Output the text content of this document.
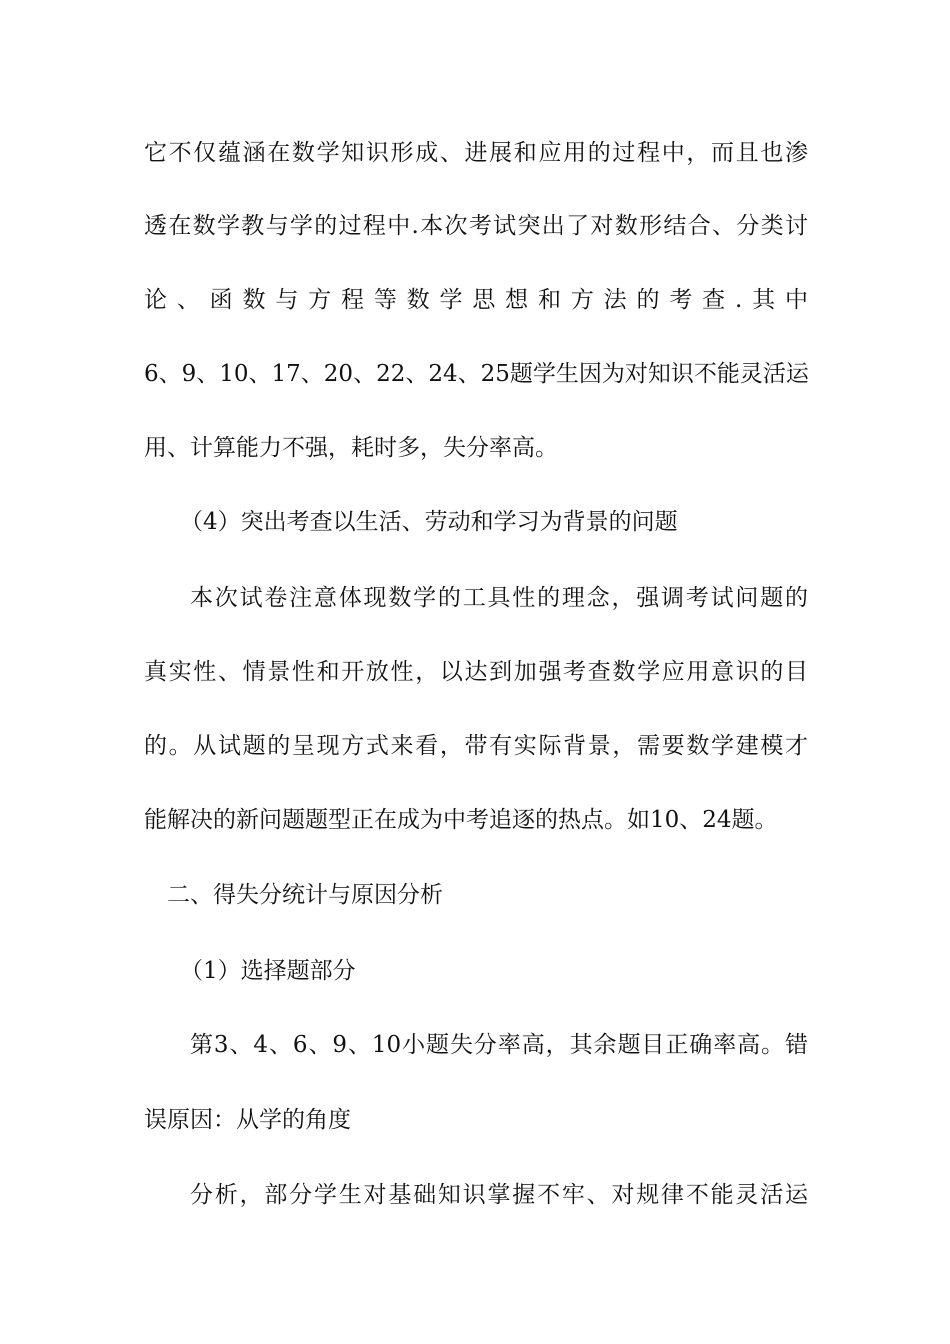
它不仅蕴涵在数学知识形成、进展和应用的过程中，而且也渗
透在数学教与学的过程中.本次考试突出了对数形结合、分类讨
论、函数与方程等数学思想和方法的考查.其中
6、9、10、17、20、22、24、25题学生因为对知识不能灵活运
用、计算能力不强，耗时多，失分率高。
（4）突出考查以生活、劳动和学习为背景的问题
本次试卷注意体现数学的工具性的理念，强调考试问题的
真实性、情景性和开放性，以达到加强考查数学应用意识的目
的。从试题的呈现方式来看，带有实际背景，需要数学建模才
能解决的新问题题型正在成为中考追逐的热点。如10、24题。
二、得失分统计与原因分析
（1）选择题部分
第3、4、6、9、10小题失分率高，其余题目正确率高。错
误原因：从学的角度
分析，部分学生对基础知识掌握不牢、对规律不能灵活运
